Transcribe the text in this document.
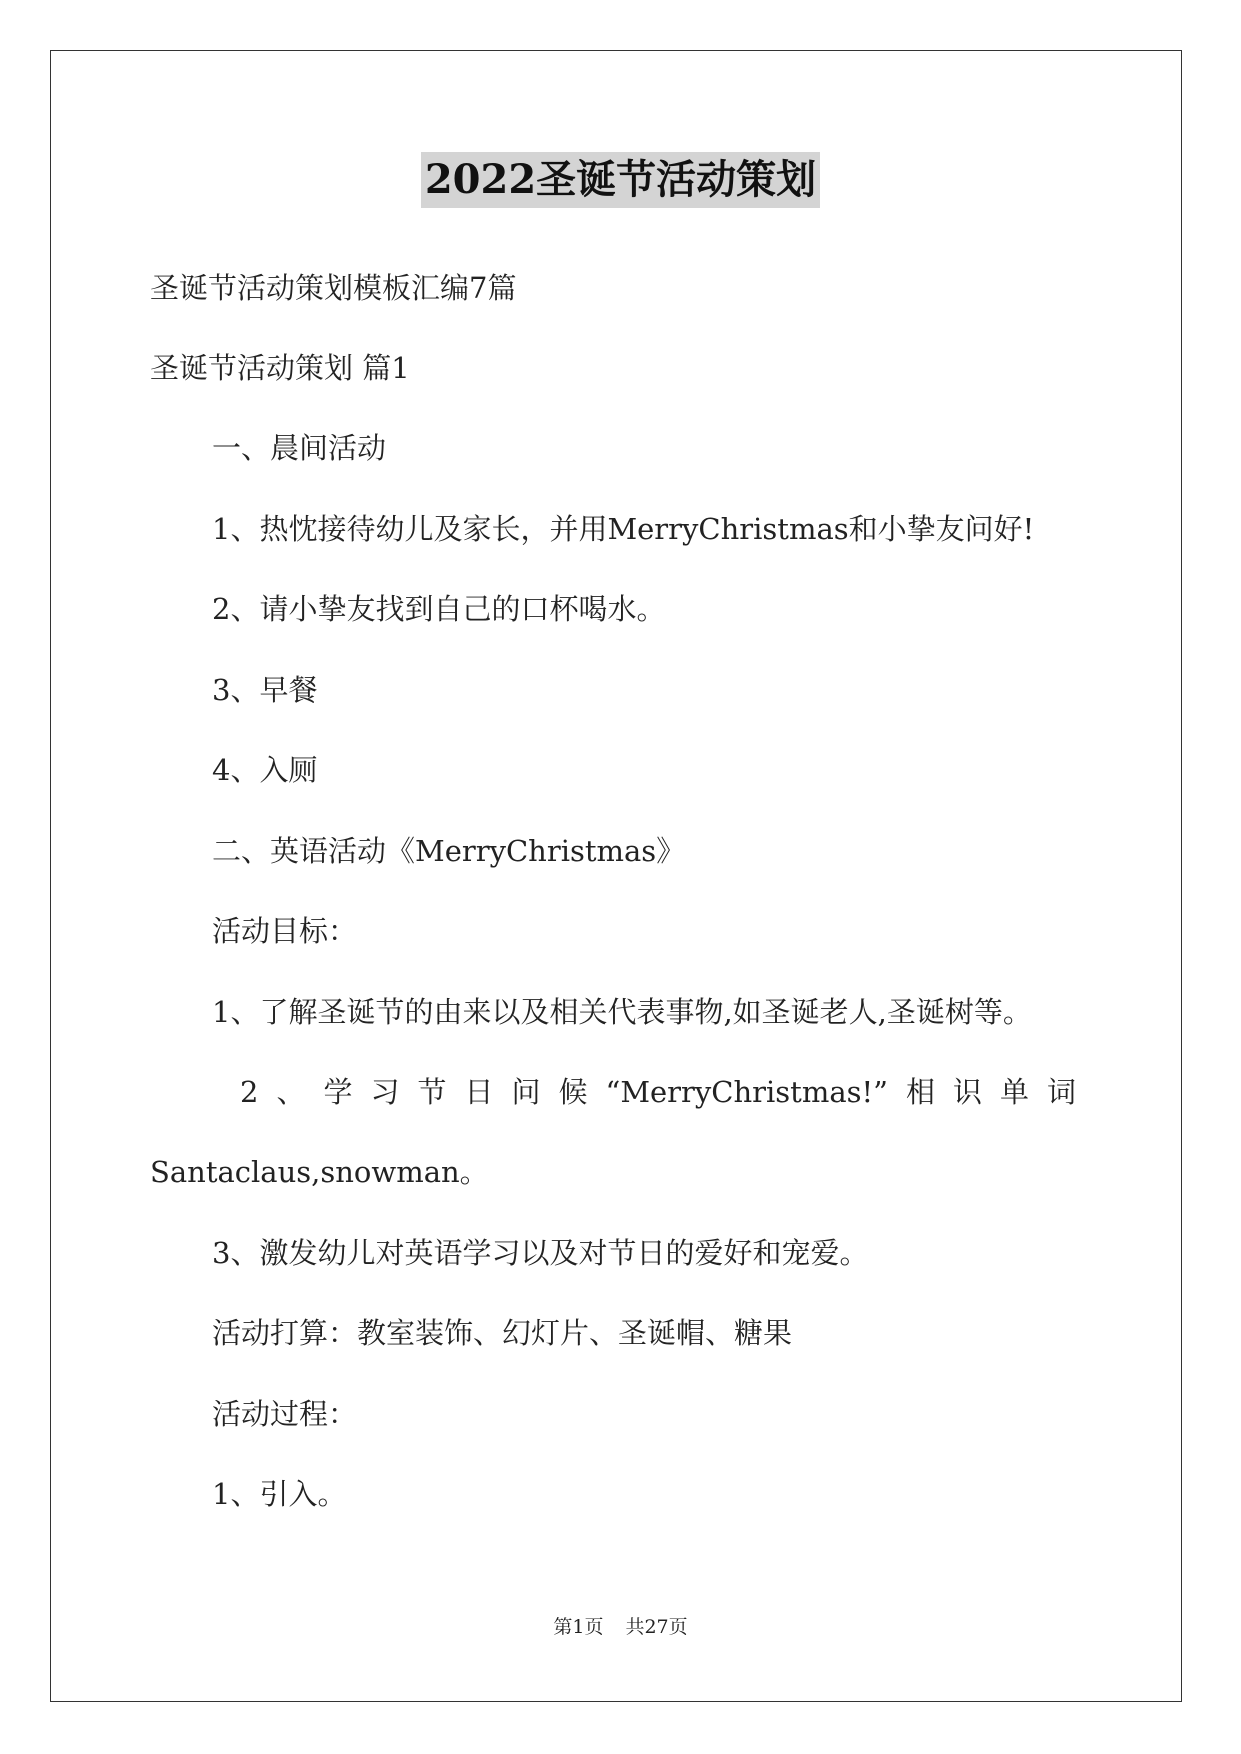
2022圣诞节活动策划
圣诞节活动策划模板汇编7篇
圣诞节活动策划 篇1
一、晨间活动
1、热忱接待幼儿及家长，并用MerryChristmas和小挚友问好!
2、请小挚友找到自己的口杯喝水。
3、早餐
4、入厕
二、英语活动《MerryChristmas》
活动目标：
1、了解圣诞节的由来以及相关代表事物,如圣诞老人,圣诞树等。
2、学习节日问候“MerryChristmas!”相识单词
Santaclaus,snowman。
3、激发幼儿对英语学习以及对节日的爱好和宠爱。
活动打算：教室装饰、幻灯片、圣诞帽、糖果
活动过程：
1、引入。
第1页 共27页
